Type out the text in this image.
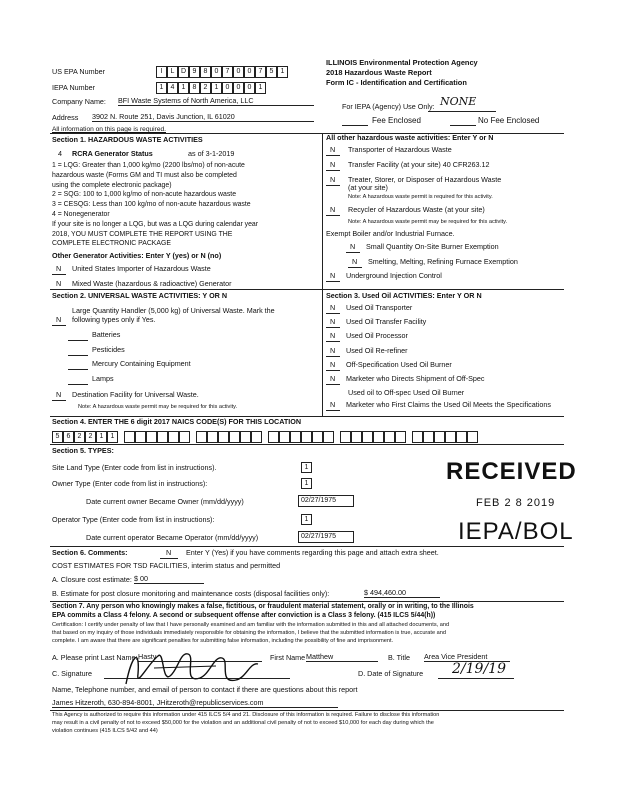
US EPA Number	I	L D 9	8	0	7	0	0	7	5	1
IEPA Number	1	4	1	8	2	1	0	0	0	1
ILLINOIS Environmental Protection Agency
2018 Hazardous Waste Report
Form IC - Identification and Certification
Company Name: BFI Waste Systems of North America, LLC
Address 3902 N. Route 251, Davis Junction, IL 61020
All information on this page is required.
For IEPA (Agency) Use Only: NONE
Fee Enclosed	No Fee Enclosed
Section 1. HAZARDOUS WASTE ACTIVITIES
4 RCRA Generator Status	as of 3-1-2019
1 = LQG: Greater than 1,000 kg/mo (2200 lbs/mo) of non-acute
hazardous waste (Forms GM and TI must also be completed
using the complete electronic package)
2 = SQG: 100 to 1,000 kg/mo of non-acute hazardous waste
3 = CESQG: Less than 100 kg/mo of non-acute hazardous waste
4 = Nonegenerator
If your site is no longer a LQG, but was a LQG during calendar year
2018, YOU MUST COMPLETE THE REPORT USING THE
COMPLETE ELECTRONIC PACKAGE
Other Generator Activities: Enter Y (yes) or N (no)
N United States Importer of Hazardous Waste
N Mixed Waste (hazardous & radioactive) Generator
All other hazardous waste activities: Enter Y or N
N Transporter of Hazardous Waste
N Transfer Facility (at your site) 40 CFR263.12
N Treater, Storer, or Disposer of Hazardous Waste
(at your site)
Note: A hazardous waste permit is required for this activity.
N Recycler of Hazardous Waste (at your site)
Note: A hazardous waste permit may be required for this activity.
Exempt Boiler and/or Industrial Furnace.
N Small Quantity On-Site Burner Exemption
N Smelting, Melting, Refining Furnace Exemption
N Underground Injection Control
Section 2. UNIVERSAL WASTE ACTIVITIES: Y OR N
Large Quantity Handler (5,000 kg) of Universal Waste. Mark the
N following types only if Yes.
Batteries
Pesticides
Mercury Containing Equipment
Lamps
N Destination Facility for Universal Waste.
Note: A hazardous waste permit may be required for this activity.
Section 3. Used Oil ACTIVITIES: Enter Y OR N
N Used Oil Transporter
N Used Oil Transfer Facility
N Used Oil Processor
N Used Oil Re-refiner
N Off-Specification Used Oil Burner
N Marketer who Directs Shipment of Off-Spec
Used oil to Off-spec Used Oil Burner
N Marketer who First Claims the Used Oil Meets the Specifications
Section 4. ENTER THE 6 digit 2017 NAICS CODE(S) FOR THIS LOCATION
5	6	2	2	1	1
Section 5. TYPES:
Site Land Type (Enter code from list in instructions).	1
Owner Type (Enter code from list in instructions):	1
Date current owner Became Owner (mm/dd/yyyy)	02/27/1975
Operator Type (Enter code from list in instructions):	1
Date current operator Became Operator (mm/dd/yyyy)	02/27/1975
RECEIVED
FEB 2 8 2019
IEPA/BOL
Section 6. Comments:	N Enter Y (Yes) if you have comments regarding this page and attach extra sheet.
COST ESTIMATES FOR TSD FACILITIES, interim status and permitted
A. Closure cost estimate: $ 00
B. Estimate for post closure monitoring and maintenance costs (disposal facilities only):	$ 494,460.00
Section 7. Any person who knowingly makes a false, fictitious, or fraudulent material statement, orally or in writing, to the Illinois
EPA commits a Class 4 felony. A second or subsequent offense after conviction is a Class 3 felony. (415 ILCS 5/44(h))
Certification: I certify under penalty of law that I have personally examined and am familiar with the information submitted in this and all attached documents, and
that based on my inquiry of those individuals immediately responsible for obtaining the information, I believe that the submitted information is true, accurate and
complete. I am aware that there are significant penalties for submitting false information, including the possibility of fine and imprisonment.
A. Please print Last Name: Hasty	First Name Matthew	B. Title Area Vice President
C. Signature	D. Date of Signature 2/19/19
Name, Telephone number, and email of person to contact if there are questions about this report
James Hitzeroth, 630-894-8001, JHitzeroth@republicservices.com
This Agency is authorized to require this information under 415 ILCS 5/4 and 21. Disclosure of this information is required. Failure to disclose this information
may result in a civil penalty of not to exceed $50,000 for the violation and an additional civil penalty of not to exceed $10,000 for each day during which the
violation continues (415 ILCS 5/42 and 44)
